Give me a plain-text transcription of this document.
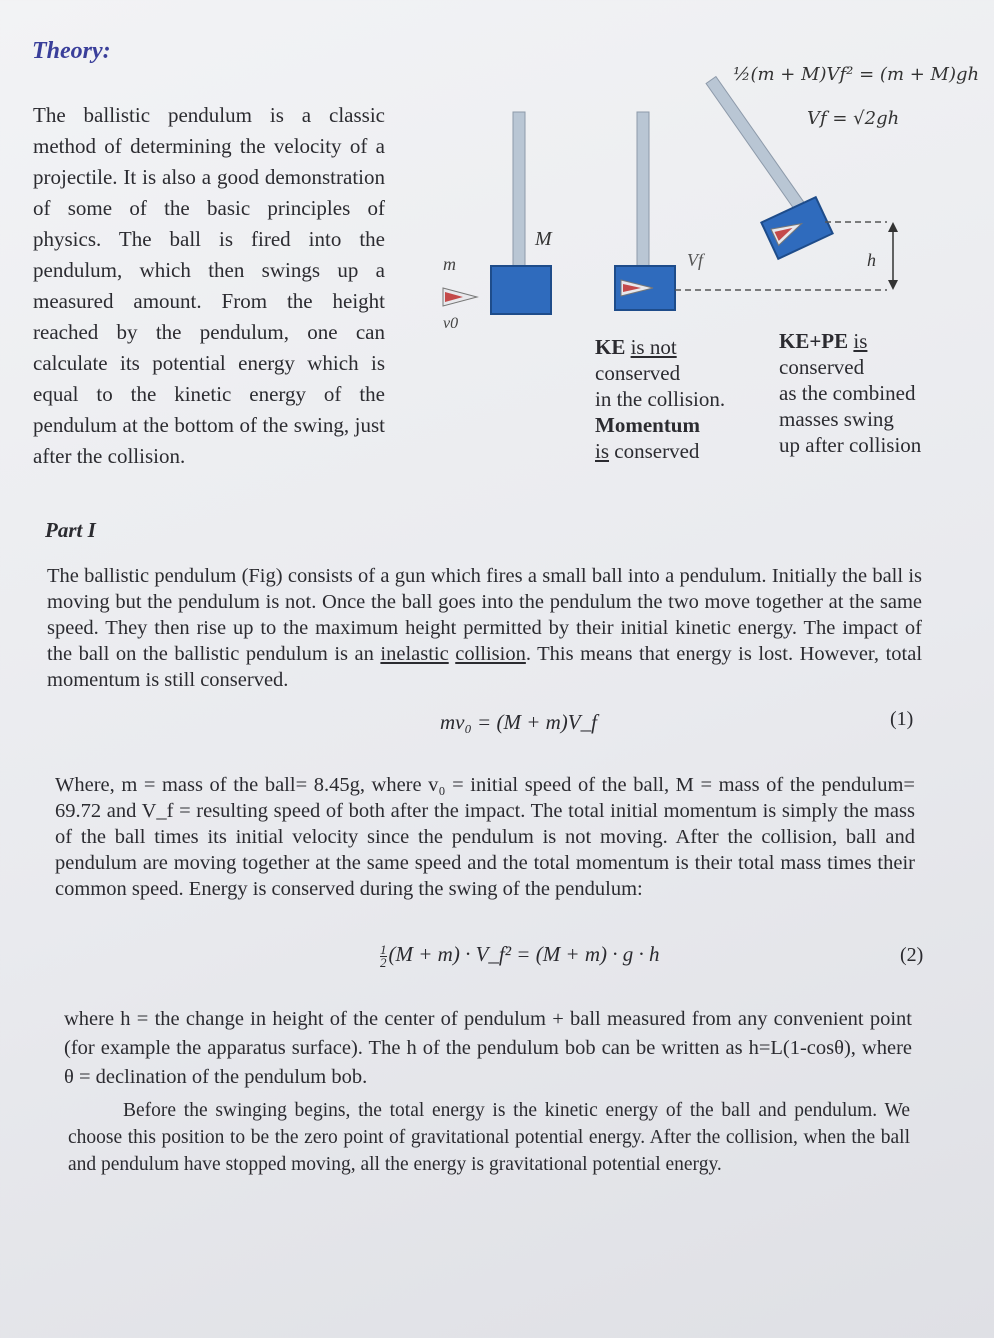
Theory:
The ballistic pendulum is a classic method of determining the velocity of a projectile. It is also a good demonstration of some of the basic principles of physics. The ball is fired into the pendulum, which then swings up a measured amount. From the height reached by the pendulum, one can calculate its potential energy which is equal to the kinetic energy of the pendulum at the bottom of the swing, just after the collision.
m
v0
M
Vf	h
½(m + M)Vf² = (m + M)gh
Vf = √2gh
KE is not
conserved
in the collision.
Momentum
is conserved
KE+PE is
conserved
as the combined
masses swing
up after collision
Part I
The ballistic pendulum (Fig) consists of a gun which fires a small ball into a pendulum. Initially the ball is moving but the pendulum is not. Once the ball goes into the pendulum the two move together at the same speed. They then rise up to the maximum height permitted by their initial kinetic energy. The impact of the ball on the ballistic pendulum is an inelastic collision. This means that energy is lost. However, total momentum is still conserved.
mv₀ = (M + m)V_f	(1)
Where, m = mass of the ball= 8.45g, where v₀ = initial speed of the ball, M = mass of the pendulum= 69.72 and V_f = resulting speed of both after the impact. The total initial momentum is simply the mass of the ball times its initial velocity since the pendulum is not moving. After the collision, ball and pendulum are moving together at the same speed and the total momentum is their total mass times their common speed. Energy is conserved during the swing of the pendulum:
$\frac{1}{2} (M + m)$ · V_f² = (M + m) · g · h	(2)
where h = the change in height of the center of pendulum + ball measured from any convenient point (for example the apparatus surface). The h of the pendulum bob can be written as h=L(1-cosθ), where θ = declination of the pendulum bob.
Before the swinging begins, the total energy is the kinetic energy of the ball and pendulum. We choose this position to be the zero point of gravitational potential energy. After the collision, when the ball and pendulum have stopped moving, all the energy is gravitational potential energy.
